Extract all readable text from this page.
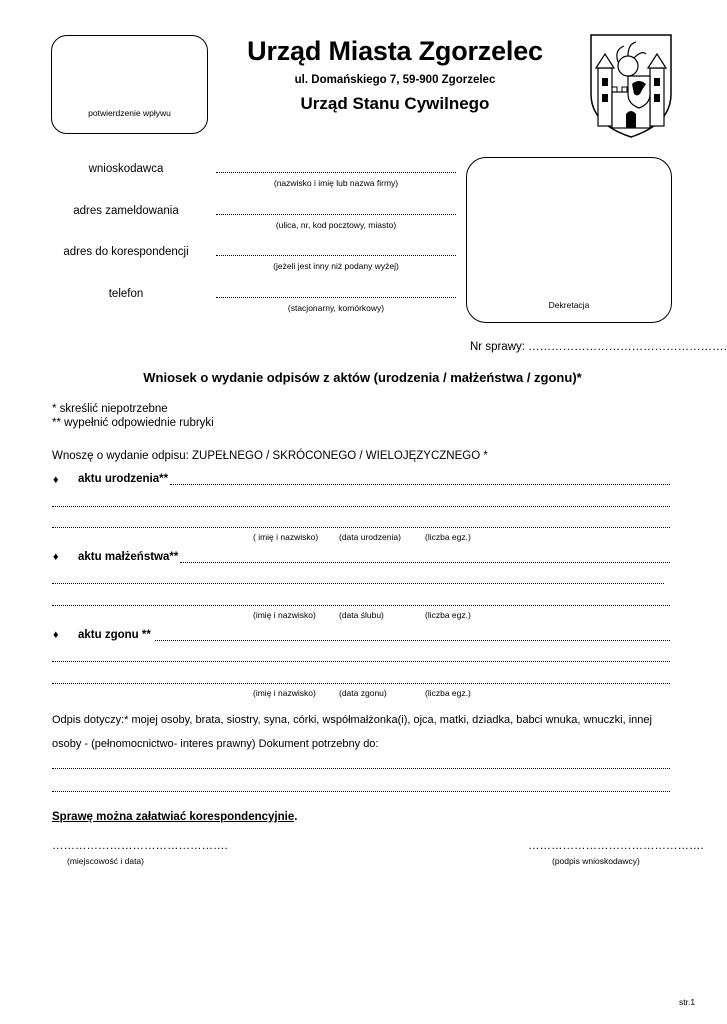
potwierdzenie wpływu
Urząd Miasta Zgorzelec
ul. Domańskiego 7, 59-900 Zgorzelec
Urząd Stanu Cywilnego
wnioskodawca
(nazwisko i imię lub nazwa firmy)
adres zameldowania
(ulica, nr, kod pocztowy, miasto)
adres do korespondencji
(jeżeli jest inny niż podany wyżej)
telefon
(stacjonarny, komórkowy)	Dekretacja
Nr sprawy: …………………………………………….
Wniosek o wydanie odpisów z aktów (urodzenia / małżeństwa / zgonu)*
* skreślić niepotrzebne
** wypełnić odpowiednie rubryki
Wnoszę o wydanie odpisu: ZUPEŁNEGO / SKRÓCONEGO / WIELOJĘZYCZNEGO *
♦ aktu urodzenia**
( imię i nazwisko) (data urodzenia)	(liczba egz.)
♦ aktu małżeństwa**
(imię i nazwisko)	(data ślubu)	(liczba egz.)
♦ aktu zgonu **
(imię i nazwisko)	(data zgonu)	(liczba egz.)
Odpis dotyczy:* mojej osoby, brata, siostry, syna, córki, współmałżonka(i), ojca, matki, dziadka, babci wnuka, wnuczki, innej
osoby - (pełnomocnictwo- interes prawny) Dokument potrzebny do:
Sprawę można załatwiać korespondencyjnie.
……………………………………….
(miejscowość i data)
……………………………………….
(podpis wnioskodawcy)
str.1
